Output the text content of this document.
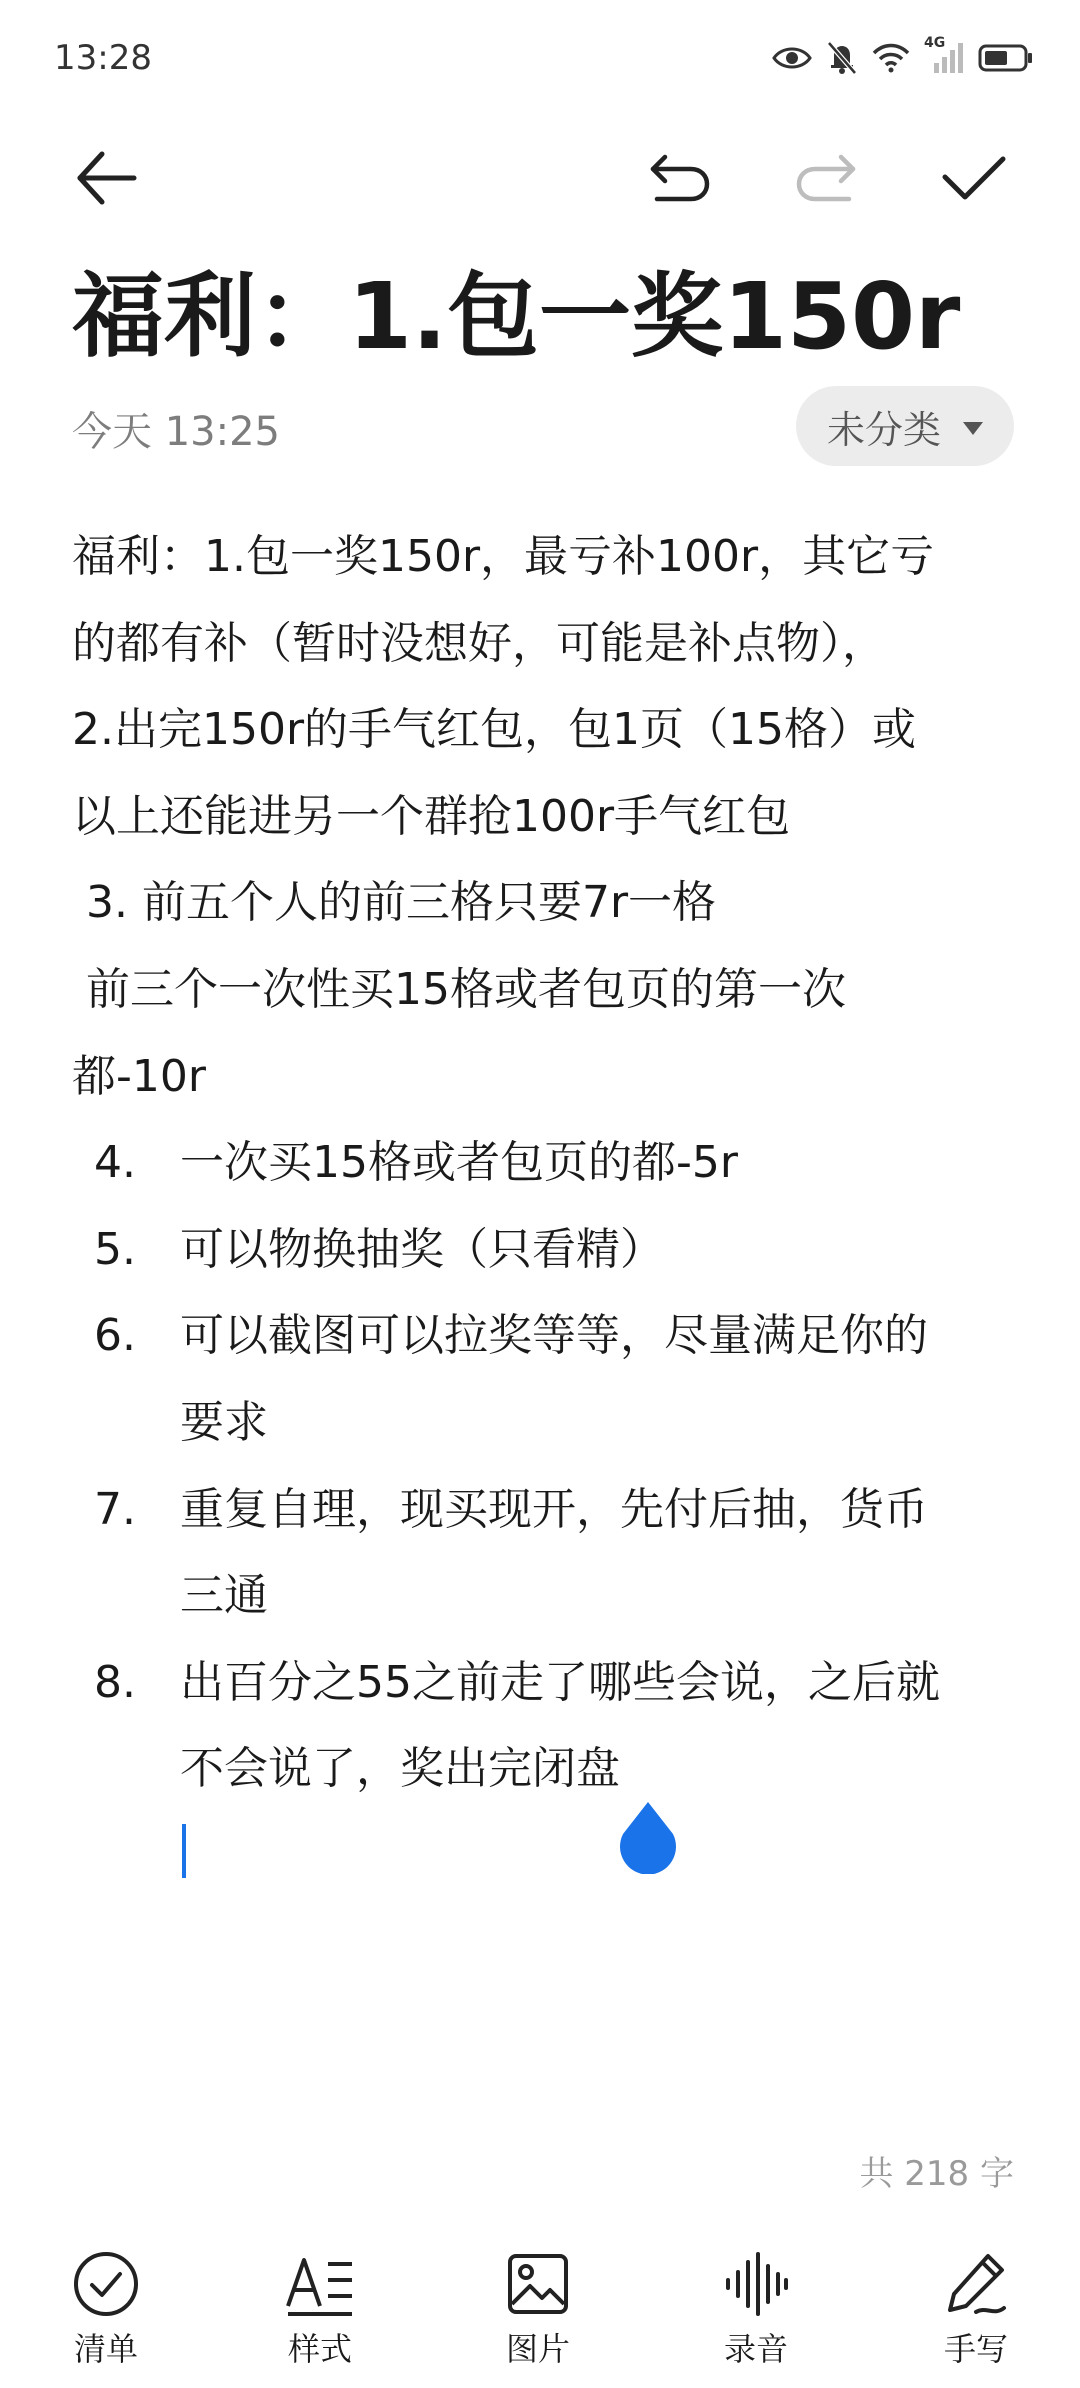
13:28	4G
福利：1.包一奖150r
今天 13:25	未分类
福利：1.包一奖150r，最亏补100r，其它亏
的都有补（暂时没想好，可能是补点物），
2.出完150r的手气红包，包1页（15格）或
以上还能进另一个群抢100r手气红包
3. 前五个人的前三格只要7r一格
前三个一次性买15格或者包页的第一次
都-10r
4. 一次买15格或者包页的都-5r
5. 可以物换抽奖（只看精）
6. 可以截图可以拉奖等等，尽量满足你的
要求
7. 重复自理，现买现开，先付后抽，货币
三通
8. 出百分之55之前走了哪些会说，之后就
不会说了，奖出完闭盘
共 218 字
清单	样式	图片	录音	手写
